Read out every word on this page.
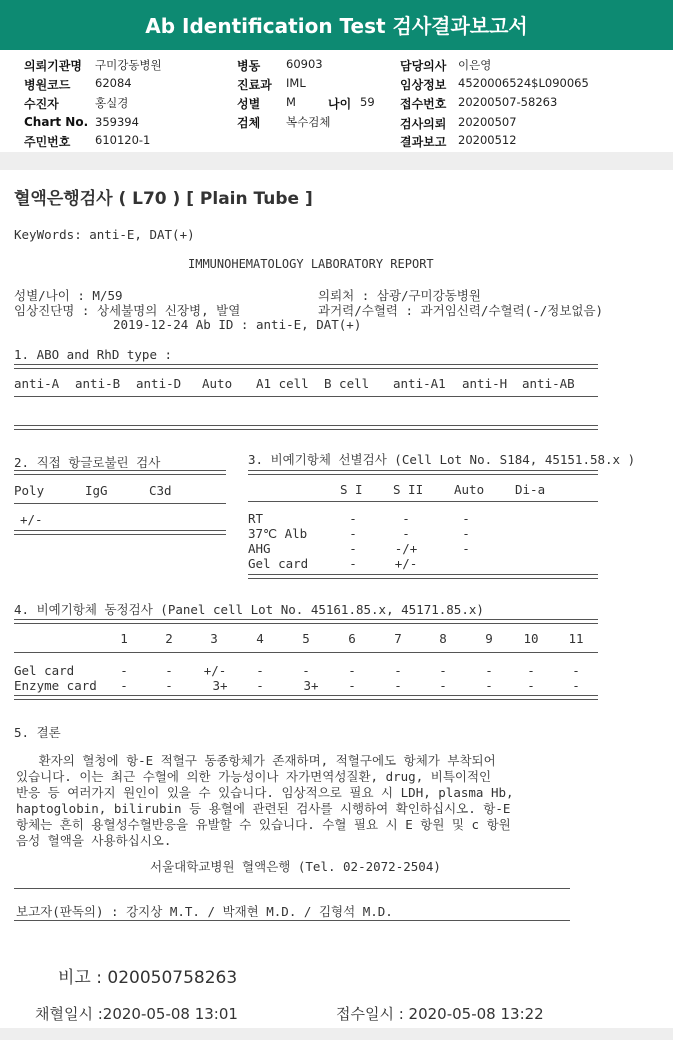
Ab Identification Test 검사결과보고서
의뢰기관명 구미강동병원
병원코드 62084
수진자	홍실경
Chart No. 359394
주민번호 610120-1
병동 60903
진료과 IML
성별 M	나이 59
검체 복수검체
담당의사 이은영
임상정보 4520006524$L090065
접수번호 20200507-58263
검사의뢰 20200507
결과보고 20200512
혈액은행검사 ( L70 ) [ Plain Tube ]
KeyWords: anti-E, DAT(+)
IMMUNOHEMATOLOGY LABORATORY REPORT
성별/나이 : M/59	의뢰처 : 삼광/구미강동병원
임상진단명 : 상세불명의 신장병, 발열	과거력/수혈력 : 과거임신력/수혈력(-/정보없음)
2019-12-24 Ab ID : anti-E, DAT(+)
1. ABO and RhD type :
anti-A anti-B anti-D Auto A1 cell B cell anti-A1 anti-H anti-AB
2. 직접 항글로불린 검사
Poly	IgG	C3d
+/-
3. 비예기항체 선별검사 (Cell Lot No. S184, 45151.58.x )
S I S II Auto Di-a
RT	-	-	-
37℃ Alb	-	-	-
AHG	-	-/+	-
Gel card	-	+/-
4. 비예기항체 동정검사 (Panel cell Lot No. 45161.85.x, 45171.85.x)
1	2	3	4	5	6	7	8	9	10	11
Gel card	-	-	+/-	-	-	-	-	-	-	-	-
Enzyme card	-	-	3+	-	3+	-	-	-	-	-	-
5. 결론
환자의 혈청에 항-E 적혈구 동종항체가 존재하며, 적혈구에도 항체가 부착되어
있습니다. 이는 최근 수혈에 의한 가능성이나 자가면역성질환, drug, 비특이적인
반응 등 여러가지 원인이 있을 수 있습니다. 임상적으로 필요 시 LDH, plasma Hb,
haptoglobin, bilirubin 등 용혈에 관련된 검사를 시행하여 확인하십시오. 항-E
항체는 흔히 용혈성수혈반응을 유발할 수 있습니다. 수혈 필요 시 E 항원 및 c 항원
음성 혈액을 사용하십시오.
서울대학교병원 혈액은행 (Tel. 02-2072-2504)
보고자(판독의) : 강지상 M.T. / 박재현 M.D. / 김형석 M.D.
비고 : 020050758263
채혈일시 :2020-05-08 13:01	접수일시 : 2020-05-08 13:22
